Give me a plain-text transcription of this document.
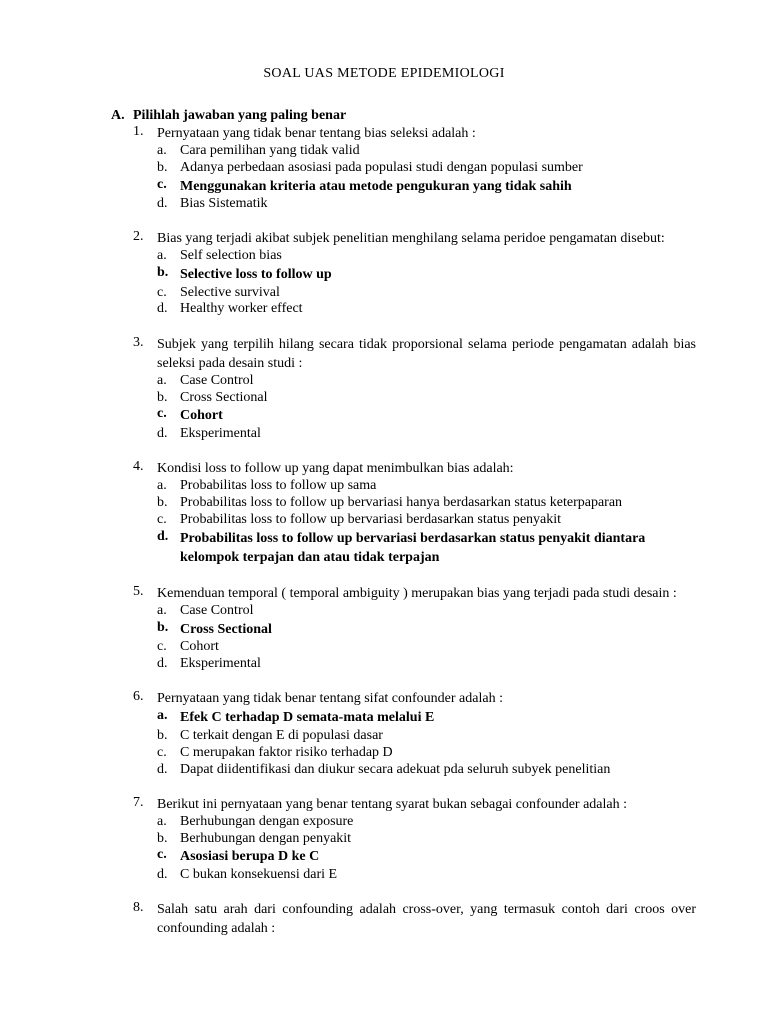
SOAL UAS METODE EPIDEMIOLOGI
A. Pilihlah jawaban yang paling benar
1. Pernyataan yang tidak benar tentang bias seleksi adalah :
a. Cara pemilihan yang tidak valid
b. Adanya perbedaan asosiasi pada populasi studi dengan populasi sumber
c. Menggunakan kriteria atau metode pengukuran yang tidak sahih
d. Bias Sistematik
2. Bias yang terjadi akibat subjek penelitian menghilang selama peridoe pengamatan disebut:
a. Self selection bias
b. Selective loss to follow up
c. Selective survival
d. Healthy worker effect
3. Subjek yang terpilih hilang secara tidak proporsional selama periode pengamatan adalah bias seleksi pada desain studi :
a. Case Control
b. Cross Sectional
c. Cohort
d. Eksperimental
4. Kondisi loss to follow up yang dapat menimbulkan bias adalah:
a. Probabilitas loss to follow up sama
b. Probabilitas loss to follow up bervariasi hanya berdasarkan status keterpaparan
c. Probabilitas loss to follow up bervariasi berdasarkan status penyakit
d. Probabilitas loss to follow up bervariasi berdasarkan status penyakit diantara kelompok terpajan dan atau tidak terpajan
5. Kemenduan temporal ( temporal ambiguity ) merupakan bias yang terjadi pada studi desain :
a. Case Control
b. Cross Sectional
c. Cohort
d. Eksperimental
6. Pernyataan yang tidak benar tentang sifat confounder adalah :
a. Efek C terhadap D semata-mata melalui E
b. C terkait dengan E di populasi dasar
c. C merupakan faktor risiko terhadap D
d. Dapat diidentifikasi dan diukur secara adekuat pda seluruh subyek penelitian
7. Berikut ini pernyataan yang benar tentang syarat bukan sebagai confounder adalah :
a. Berhubungan dengan exposure
b. Berhubungan dengan penyakit
c. Asosiasi berupa D ke C
d. C bukan konsekuensi dari E
8. Salah satu arah dari confounding adalah cross-over, yang termasuk contoh dari croos over confounding adalah :
